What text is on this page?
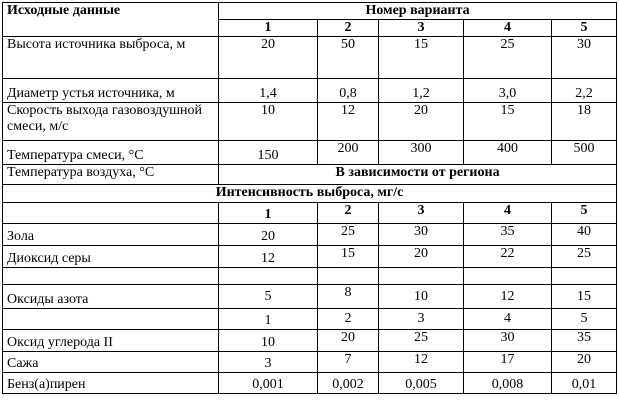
Исходные данные	Номер варианта				
	1	2	3	4	5
Высота источника выброса, м	20	50	15	25	30
Диаметр устья источника, м	1,4	0,8	1,2	3,0	2,2
Скорость выхода газовоздушной смеси, м/с	10	12	20	15	18
Температура смеси, °С	150	200	300	400	500
Температура воздуха, °С	В зависимости от региона				
Интенсивность выброса, мг/с					
	1	2	3	4	5
Зола	20	25	30	35	40
Диоксид серы	12	15	20	22	25

Оксиды азота	5	8	10	12	15
	1	2	3	4	5
Оксид углерода II	10	20	25	30	35
Сажа	3	7	12	17	20
Бенз(а)пирен	0,001	0,002	0,005	0,008	0,01
